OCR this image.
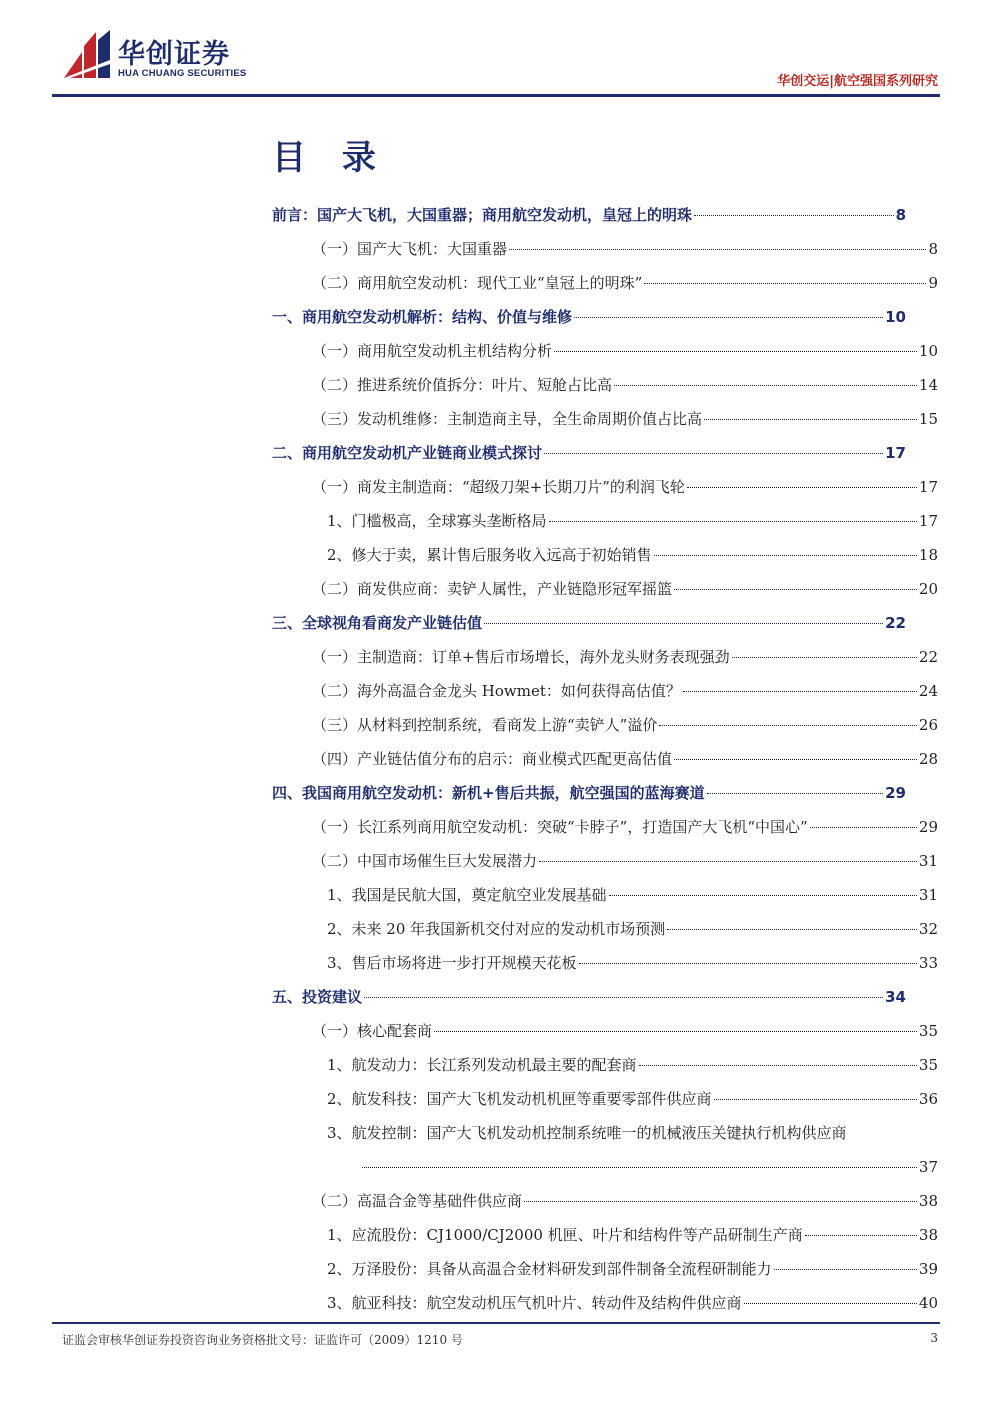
华创证券
HUA CHUANG SECURITIES
华创交运|航空强国系列研究
目 录
前言：国产大飞机，大国重器；商用航空发动机，皇冠上的明珠	8
（一）国产大飞机：大国重器	8
（二）商用航空发动机：现代工业“皇冠上的明珠”	9
一、商用航空发动机解析：结构、价值与维修	10
（一）商用航空发动机主机结构分析	10
（二）推进系统价值拆分：叶片、短舱占比高	14
（三）发动机维修：主制造商主导，全生命周期价值占比高	15
二、商用航空发动机产业链商业模式探讨	17
（一）商发主制造商：“超级刀架+长期刀片”的利润飞轮	17
1、门槛极高，全球寡头垄断格局	17
2、修大于卖，累计售后服务收入远高于初始销售	18
（二）商发供应商：卖铲人属性，产业链隐形冠军摇篮	20
三、全球视角看商发产业链估值	22
（一）主制造商：订单+售后市场增长，海外龙头财务表现强劲	22
（二）海外高温合金龙头 Howmet：如何获得高估值？	24
（三）从材料到控制系统，看商发上游“卖铲人”溢价	26
（四）产业链估值分布的启示：商业模式匹配更高估值	28
四、我国商用航空发动机：新机+售后共振，航空强国的蓝海赛道	29
（一）长江系列商用航空发动机：突破“卡脖子”，打造国产大飞机“中国心”	29
（二）中国市场催生巨大发展潜力	31
1、我国是民航大国，奠定航空业发展基础	31
2、未来 20 年我国新机交付对应的发动机市场预测	32
3、售后市场将进一步打开规模天花板	33
五、投资建议	34
（一）核心配套商	35
1、航发动力：长江系列发动机最主要的配套商	35
2、航发科技：国产大飞机发动机机匣等重要零部件供应商	36
3、航发控制：国产大飞机发动机控制系统唯一的机械液压关键执行机构供应商
37
（二）高温合金等基础件供应商	38
1、应流股份：CJ1000/CJ2000 机匣、叶片和结构件等产品研制生产商	38
2、万泽股份：具备从高温合金材料研发到部件制备全流程研制能力	39
3、航亚科技：航空发动机压气机叶片、转动件及结构件供应商	40
证监会审核华创证券投资咨询业务资格批文号：证监许可（2009）1210 号	3
